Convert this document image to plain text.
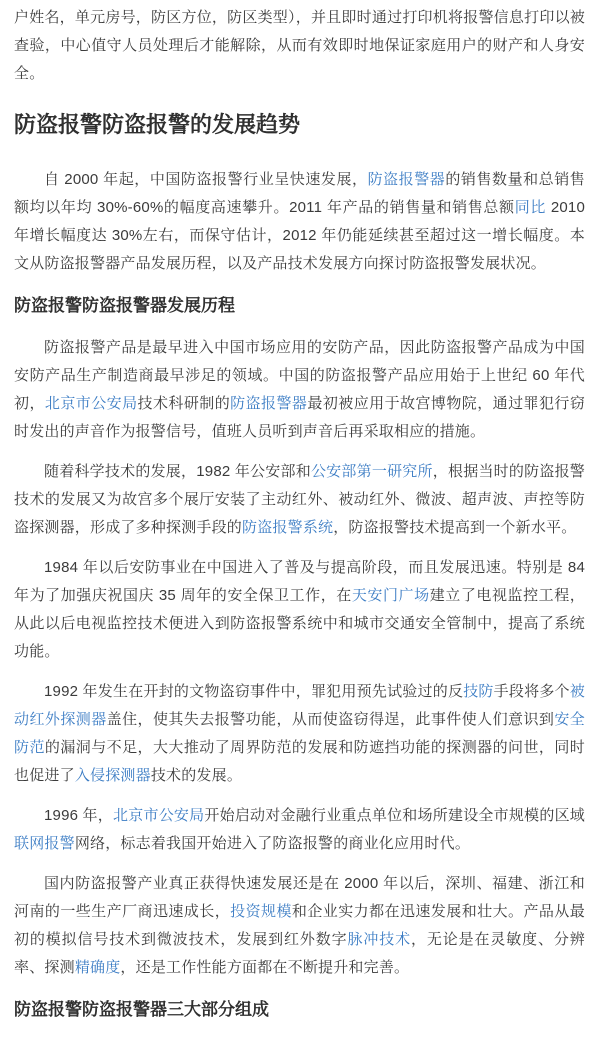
户姓名，单元房号，防区方位，防区类型），并且即时通过打印机将报警信息打印以被查验，中心值守人员处理后才能解除，从而有效即时地保证家庭用户的财产和人身安全。

防盗报警防盗报警的发展趋势

自 2000 年起，中国防盗报警行业呈快速发展，防盗报警器的销售数量和总销售额均以年均 30%-60%的幅度高速攀升。2011 年产品的销售量和销售总额同比 2010 年增长幅度达 30%左右，而保守估计，2012 年仍能延续甚至超过这一增长幅度。本文从防盗报警器产品发展历程，以及产品技术发展方向探讨防盗报警发展状况。

防盗报警防盗报警器发展历程

防盗报警产品是最早进入中国市场应用的安防产品，因此防盗报警产品成为中国安防产品生产制造商最早涉足的领域。中国的防盗报警产品应用始于上世纪 60 年代初，北京市公安局技术科研制的防盗报警器最初被应用于故宫博物院，通过罪犯行窃时发出的声音作为报警信号，值班人员听到声音后再采取相应的措施。

随着科学技术的发展，1982 年公安部和公安部第一研究所，根据当时的防盗报警技术的发展又为故宫多个展厅安装了主动红外、被动红外、微波、超声波、声控等防盗探测器，形成了多种探测手段的防盗报警系统，防盗报警技术提高到一个新水平。

1984 年以后安防事业在中国进入了普及与提高阶段，而且发展迅速。特别是 84 年为了加强庆祝国庆 35 周年的安全保卫工作，在天安门广场建立了电视监控工程，从此以后电视监控技术便进入到防盗报警系统中和城市交通安全管制中，提高了系统功能。

1992 年发生在开封的文物盗窃事件中，罪犯用预先试验过的反技防手段将多个被动红外探测器盖住，使其失去报警功能，从而使盗窃得逞，此事件使人们意识到安全防范的漏洞与不足，大大推动了周界防范的发展和防遮挡功能的探测器的问世，同时也促进了入侵探测器技术的发展。

1996 年，北京市公安局开始启动对金融行业重点单位和场所建设全市规模的区域联网报警网络，标志着我国开始进入了防盗报警的商业化应用时代。

国内防盗报警产业真正获得快速发展还是在 2000 年以后，深圳、福建、浙江和河南的一些生产厂商迅速成长，投资规模和企业实力都在迅速发展和壮大。产品从最初的模拟信号技术到微波技术，发展到红外数字脉冲技术，无论是在灵敏度、分辨率、探测精确度，还是工作性能方面都在不断提升和完善。

防盗报警防盗报警器三大部分组成
